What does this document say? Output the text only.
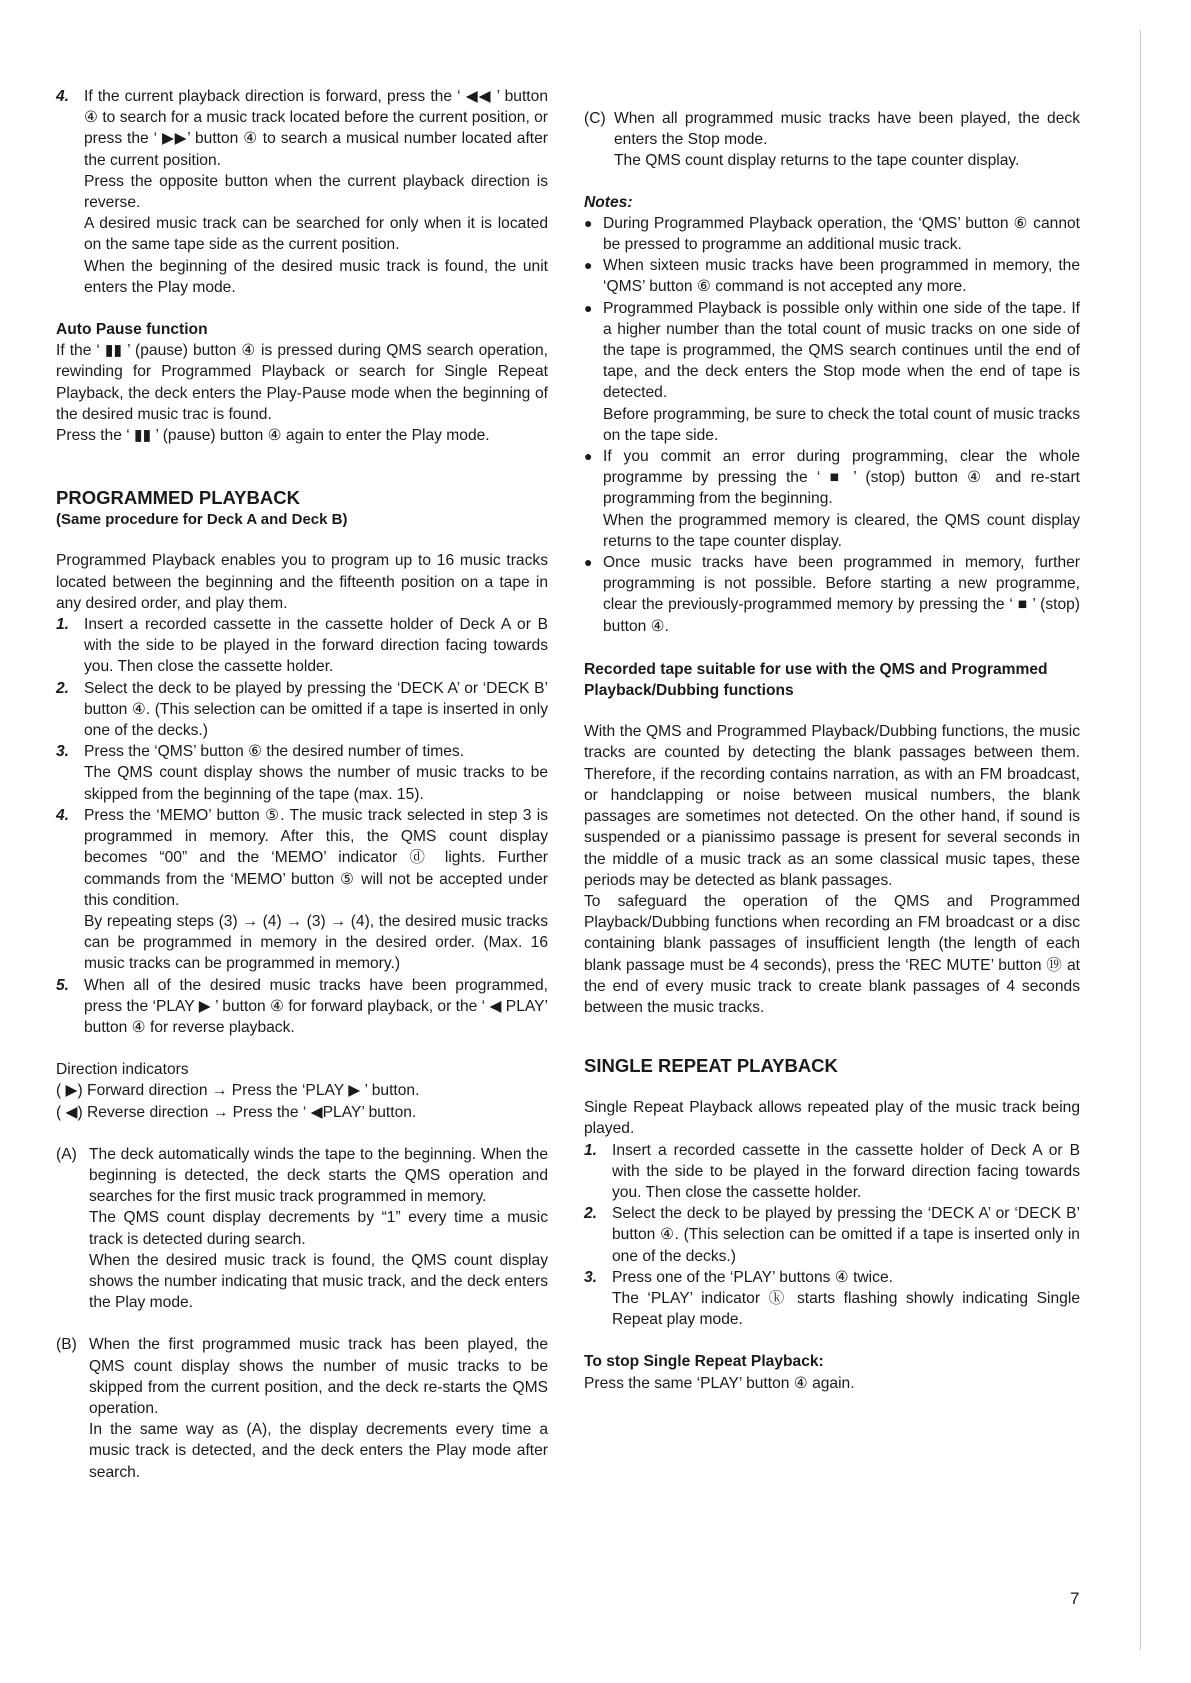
4. If the current playback direction is forward, press the ‘ ◀◀ ’ button ④ to search for a music track located before the current position, or press the ‘ ▶▶’ button ④ to search a musical number located after the current position.

Press the opposite button when the current playback direction is reverse.

A desired music track can be searched for only when it is located on the same tape side as the current position.

When the beginning of the desired music track is found, the unit enters the Play mode.

Auto Pause function

If the ‘ ▮▮ ’ (pause) button ④ is pressed during QMS search operation, rewinding for Programmed Playback or search for Single Repeat Playback, the deck enters the Play-Pause mode when the beginning of the desired music trac is found.

Press the ‘ ▮▮ ’ (pause) button ④ again to enter the Play mode.

PROGRAMMED PLAYBACK

(Same procedure for Deck A and Deck B)

Programmed Playback enables you to program up to 16 music tracks located between the beginning and the fifteenth position on a tape in any desired order, and play them.

1. Insert a recorded cassette in the cassette holder of Deck A or B with the side to be played in the forward direction facing towards you. Then close the cassette holder.

2. Select the deck to be played by pressing the ‘DECK A’ or ‘DECK B’ button ④. (This selection can be omitted if a tape is inserted in only one of the decks.)

3. Press the ‘QMS’ button ⑥ the desired number of times.

The QMS count display shows the number of music tracks to be skipped from the beginning of the tape (max. 15).

4. Press the ‘MEMO’ button ⑤. The music track selected in step 3 is programmed in memory. After this, the QMS count display becomes “00” and the ‘MEMO’ indicator ⓓ lights. Further commands from the ‘MEMO’ button ⑤ will not be accepted under this condition.

By repeating steps (3) → (4) → (3) → (4), the desired music tracks can be programmed in memory in the desired order. (Max. 16 music tracks can be programmed in memory.)

5. When all of the desired music tracks have been programmed, press the ‘PLAY ▶ ’ button ④ for forward playback, or the ‘ ◀ PLAY’ button ④ for reverse playback.

Direction indicators

( ▶) Forward direction → Press the ‘PLAY ▶ ’ button.

( ◀) Reverse direction → Press the ‘ ◀PLAY’ button.

(A) The deck automatically winds the tape to the beginning. When the beginning is detected, the deck starts the QMS operation and searches for the first music track programmed in memory.

The QMS count display decrements by “1” every time a music track is detected during search.

When the desired music track is found, the QMS count display shows the number indicating that music track, and the deck enters the Play mode.

(B) When the first programmed music track has been played, the QMS count display shows the number of music tracks to be skipped from the current position, and the deck re-starts the QMS operation.

In the same way as (A), the display decrements every time a music track is detected, and the deck enters the Play mode after search.

(C) When all programmed music tracks have been played, the deck enters the Stop mode.

The QMS count display returns to the tape counter display.

Notes:

● During Programmed Playback operation, the ‘QMS’ button ⑥ cannot be pressed to programme an additional music track.

● When sixteen music tracks have been programmed in memory, the ‘QMS’ button ⑥ command is not accepted any more.

● Programmed Playback is possible only within one side of the tape. If a higher number than the total count of music tracks on one side of the tape is programmed, the QMS search continues until the end of tape, and the deck enters the Stop mode when the end of tape is detected.

Before programming, be sure to check the total count of music tracks on the tape side.

● If you commit an error during programming, clear the whole programme by pressing the ‘ ■ ’ (stop) button ④ and re-start programming from the beginning.

When the programmed memory is cleared, the QMS count display returns to the tape counter display.

● Once music tracks have been programmed in memory, further programming is not possible. Before starting a new programme, clear the previously-programmed memory by pressing the ‘ ■ ’ (stop) button ④.

Recorded tape suitable for use with the QMS and Programmed Playback/Dubbing functions

With the QMS and Programmed Playback/Dubbing functions, the music tracks are counted by detecting the blank passages between them. Therefore, if the recording contains narration, as with an FM broadcast, or handclapping or noise between musical numbers, the blank passages are sometimes not detected. On the other hand, if sound is suspended or a pianissimo passage is present for several seconds in the middle of a music track as an some classical music tapes, these periods may be detected as blank passages.

To safeguard the operation of the QMS and Programmed Playback/Dubbing functions when recording an FM broadcast or a disc containing blank passages of insufficient length (the length of each blank passage must be 4 seconds), press the ‘REC MUTE’ button ⑲ at the end of every music track to create blank passages of 4 seconds between the music tracks.

SINGLE REPEAT PLAYBACK

Single Repeat Playback allows repeated play of the music track being played.

1. Insert a recorded cassette in the cassette holder of Deck A or B with the side to be played in the forward direction facing towards you. Then close the cassette holder.

2. Select the deck to be played by pressing the ‘DECK A’ or ‘DECK B’ button ④. (This selection can be omitted if a tape is inserted only in one of the decks.)

3. Press one of the ‘PLAY’ buttons ④ twice.

The ‘PLAY’ indicator ⓚ starts flashing showly indicating Single Repeat play mode.

To stop Single Repeat Playback:

Press the same ‘PLAY’ button ④ again.

7
